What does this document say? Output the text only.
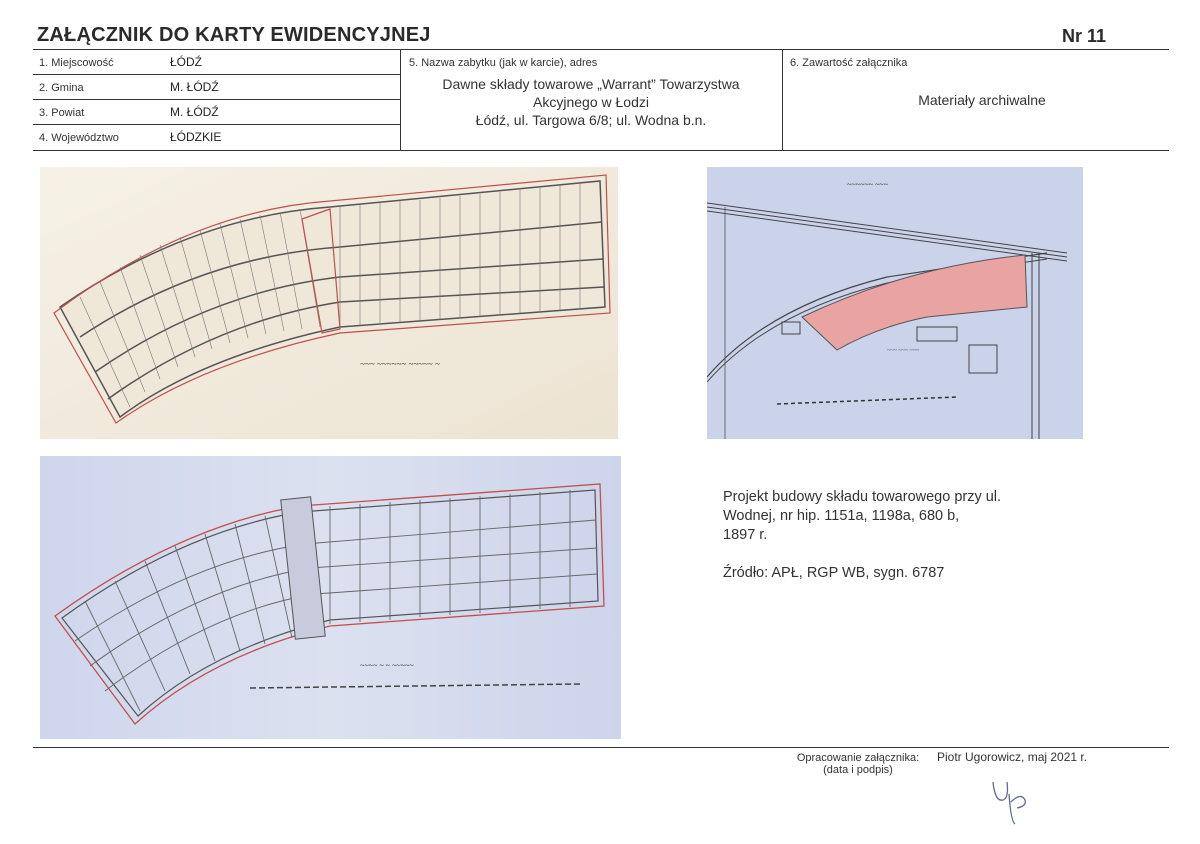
ZAŁĄCZNIK DO KARTY EWIDENCYJNEJ	Nr 11
1. Miejscowość	ŁÓDŹ
2. Gmina	M. ŁÓDŹ
3. Powiat	M. ŁÓDŹ
4. Województwo	ŁÓDZKIE
5. Nazwa zabytku (jak w karcie), adres
Dawne składy towarowe „Warrant” Towarzystwa
Akcyjnego w Łodzi
Łódź, ul. Targowa 6/8; ul. Wodna b.n.
6. Zawartość załącznika
Materiały archiwalne
~~~ ~~~~~~ ~~~~~ ~
~~~~~~ ~~~
~~~ ~~~ ~~~
~~~~ ~ ~ ~~~~~
Projekt budowy składu towarowego przy ul.
Wodnej, nr hip. 1151a, 1198a, 680 b,
1897 r.
Źródło: APŁ, RGP WB, sygn. 6787
Opracowanie załącznika:
(data i podpis)
Piotr Ugorowicz, maj 2021 r.
